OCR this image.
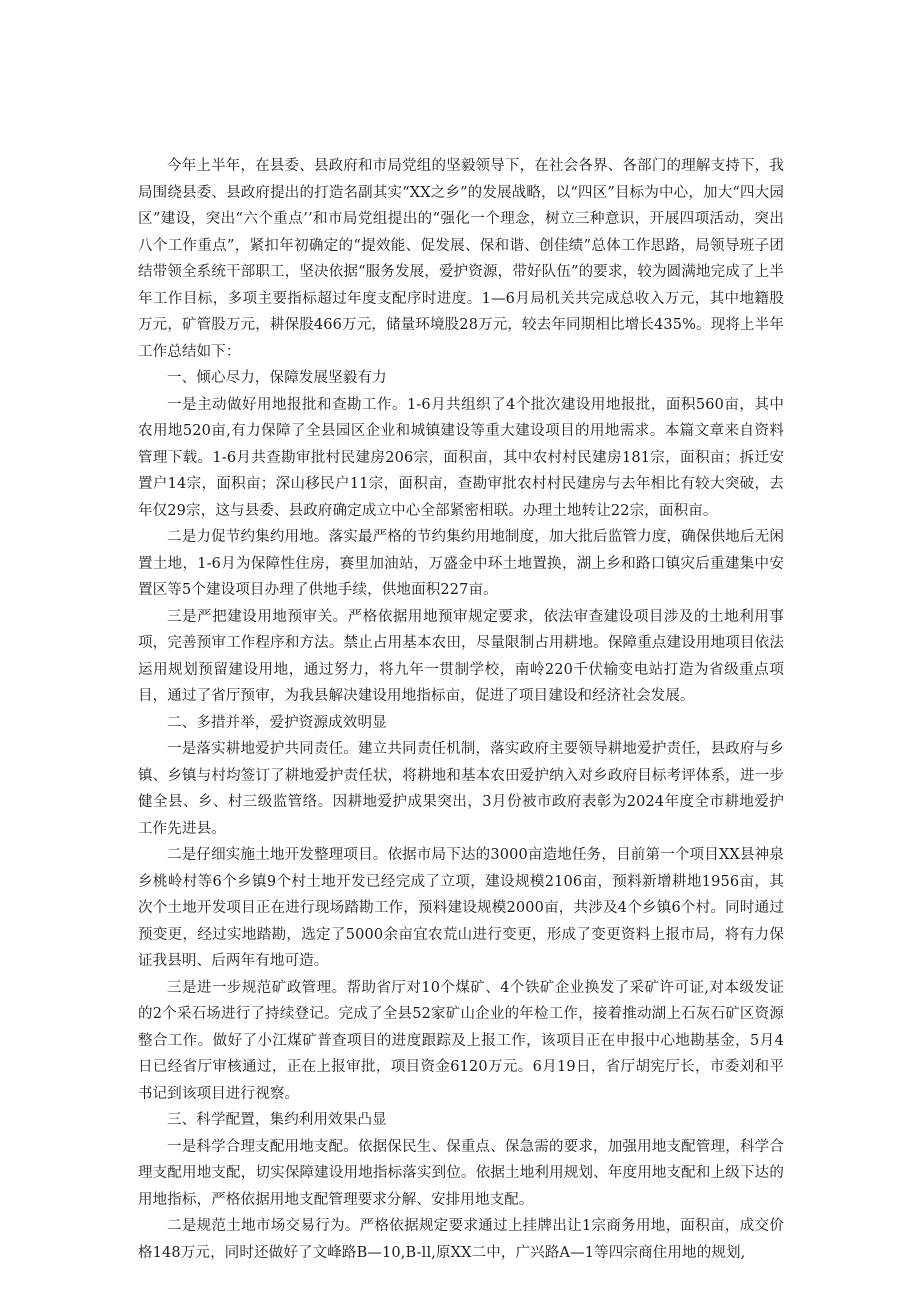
今年上半年，在县委、县政府和市局党组的坚毅领导下，在社会各界、各部门的理解支持下，我局围绕县委、县政府提出的打造名副其实“XX之乡”的发展战略，以“四区”目标为中心，加大“四大园区”建设，突出“六个重点’’和市局党组提出的“强化一个理念，树立三种意识，开展四项活动，突出八个工作重点”，紧扣年初确定的“提效能、促发展、保和谐、创佳绩”总体工作思路，局领导班子团结带领全系统干部职工，坚决依据“服务发展，爱护资源，带好队伍”的要求，较为圆满地完成了上半年工作目标，多项主要指标超过年度支配序时进度。1—6月局机关共完成总收入万元，其中地籍股万元，矿管股万元，耕保股466万元，储量环境股28万元，较去年同期相比增长435%。现将上半年工作总结如下：

一、倾心尽力，保障发展坚毅有力

一是主动做好用地报批和查勘工作。1-6月共组织了4个批次建设用地报批，面积560亩，其中农用地520亩,有力保障了全县园区企业和城镇建设等重大建设项目的用地需求。本篇文章来自资料管理下载。1-6月共查勘审批村民建房206宗，面积亩，其中农村村民建房181宗，面积亩；拆迁安置户14宗，面积亩；深山移民户11宗，面积亩，查勘审批农村村民建房与去年相比有较大突破，去年仅29宗，这与县委、县政府确定成立中心全部紧密相联。办理土地转让22宗，面积亩。

二是力促节约集约用地。落实最严格的节约集约用地制度，加大批后监管力度，确保供地后无闲置土地，1-6月为保障性住房，赛里加油站，万盛金中环土地置换，湖上乡和路口镇灾后重建集中安置区等5个建设项目办理了供地手续，供地面积227亩。

三是严把建设用地预审关。严格依据用地预审规定要求，依法审查建设项目涉及的土地利用事项，完善预审工作程序和方法。禁止占用基本农田，尽量限制占用耕地。保障重点建设用地项目依法运用规划预留建设用地，通过努力，将九年一贯制学校，南岭220千伏输变电站打造为省级重点项目，通过了省厅预审，为我县解决建设用地指标亩，促进了项目建设和经济社会发展。

二、多措并举，爱护资源成效明显

一是落实耕地爱护共同责任。建立共同责任机制，落实政府主要领导耕地爱护责任，县政府与乡镇、乡镇与村均签订了耕地爱护责任状，将耕地和基本农田爱护纳入对乡政府目标考评体系，进一步健全县、乡、村三级监管络。因耕地爱护成果突出，3月份被市政府表彰为2024年度全市耕地爱护工作先进县。

二是仔细实施土地开发整理项目。依据市局下达的3000亩造地任务，目前第一个项目XX县神泉乡桃岭村等6个乡镇9个村土地开发已经完成了立项，建设规模2106亩，预料新增耕地1956亩，其次个土地开发项目正在进行现场踏勘工作，预料建设规模2000亩，共涉及4个乡镇6个村。同时通过预变更，经过实地踏勘，选定了5000余亩宜农荒山进行变更，形成了变更资料上报市局，将有力保证我县明、后两年有地可造。

三是进一步规范矿政管理。帮助省厅对10个煤矿、4个铁矿企业换发了采矿许可证,对本级发证的2个采石场进行了持续登记。完成了全县52家矿山企业的年检工作，接着推动湖上石灰石矿区资源整合工作。做好了小江煤矿普查项目的进度跟踪及上报工作，该项目正在申报中心地勘基金，5月4日已经省厅审核通过，正在上报审批，项目资金6120万元。6月19日，省厅胡宪厅长，市委刘和平书记到该项目进行视察。

三、科学配置，集约利用效果凸显

一是科学合理支配用地支配。依据保民生、保重点、保急需的要求，加强用地支配管理，科学合理支配用地支配，切实保障建设用地指标落实到位。依据土地利用规划、年度用地支配和上级下达的用地指标，严格依据用地支配管理要求分解、安排用地支配。

二是规范土地市场交易行为。严格依据规定要求通过上挂牌出让1宗商务用地，面积亩，成交价格148万元，同时还做好了文峰路B—10,B-ll,原XX二中，广兴路A—1等四宗商住用地的规划,
